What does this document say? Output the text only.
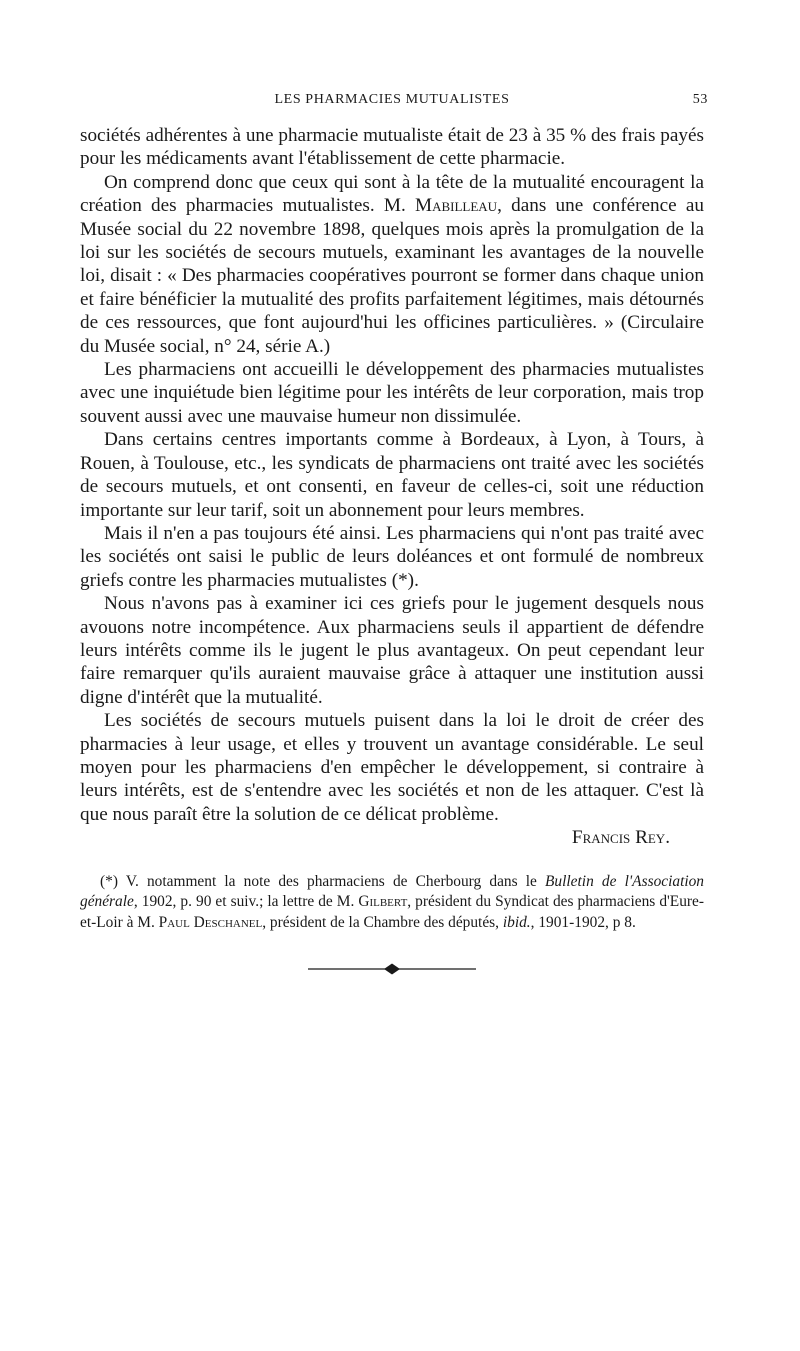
LES PHARMACIES MUTUALISTES	53

sociétés adhérentes à une pharmacie mutualiste était de 23 à 35 % des frais payés pour les médicaments avant l'établissement de cette pharmacie.

On comprend donc que ceux qui sont à la tête de la mutualité encouragent la création des pharmacies mutualistes. M. Mabilleau, dans une conférence au Musée social du 22 novembre 1898, quelques mois après la promulgation de la loi sur les sociétés de secours mutuels, examinant les avantages de la nouvelle loi, disait : « Des pharmacies coopératives pourront se former dans chaque union et faire bénéficier la mutualité des profits parfaitement légitimes, mais détournés de ces ressources, que font aujourd'hui les officines particulières. » (Circulaire du Musée social, n° 24, série A.)

Les pharmaciens ont accueilli le développement des pharmacies mutualistes avec une inquiétude bien légitime pour les intérêts de leur corporation, mais trop souvent aussi avec une mauvaise humeur non dissimulée.

Dans certains centres importants comme à Bordeaux, à Lyon, à Tours, à Rouen, à Toulouse, etc., les syndicats de pharmaciens ont traité avec les sociétés de secours mutuels, et ont consenti, en faveur de celles-ci, soit une réduction importante sur leur tarif, soit un abonnement pour leurs membres.

Mais il n'en a pas toujours été ainsi. Les pharmaciens qui n'ont pas traité avec les sociétés ont saisi le public de leurs doléances et ont formulé de nombreux griefs contre les pharmacies mutualistes (*).

Nous n'avons pas à examiner ici ces griefs pour le jugement desquels nous avouons notre incompétence. Aux pharmaciens seuls il appartient de défendre leurs intérêts comme ils le jugent le plus avantageux. On peut cependant leur faire remarquer qu'ils auraient mauvaise grâce à attaquer une institution aussi digne d'intérêt que la mutualité.

Les sociétés de secours mutuels puisent dans la loi le droit de créer des pharmacies à leur usage, et elles y trouvent un avantage considérable. Le seul moyen pour les pharmaciens d'en empêcher le développement, si contraire à leurs intérêts, est de s'entendre avec les sociétés et non de les attaquer. C'est là que nous paraît être la solution de ce délicat problème.

Francis Rey.
(*) V. notamment la note des pharmaciens de Cherbourg dans le Bulletin de l'Association générale, 1902, p. 90 et suiv.; la lettre de M. Gilbert, président du Syndicat des pharmaciens d'Eure-et-Loir à M. Paul Deschanel, président de la Chambre des députés, ibid., 1901-1902, p 8.
